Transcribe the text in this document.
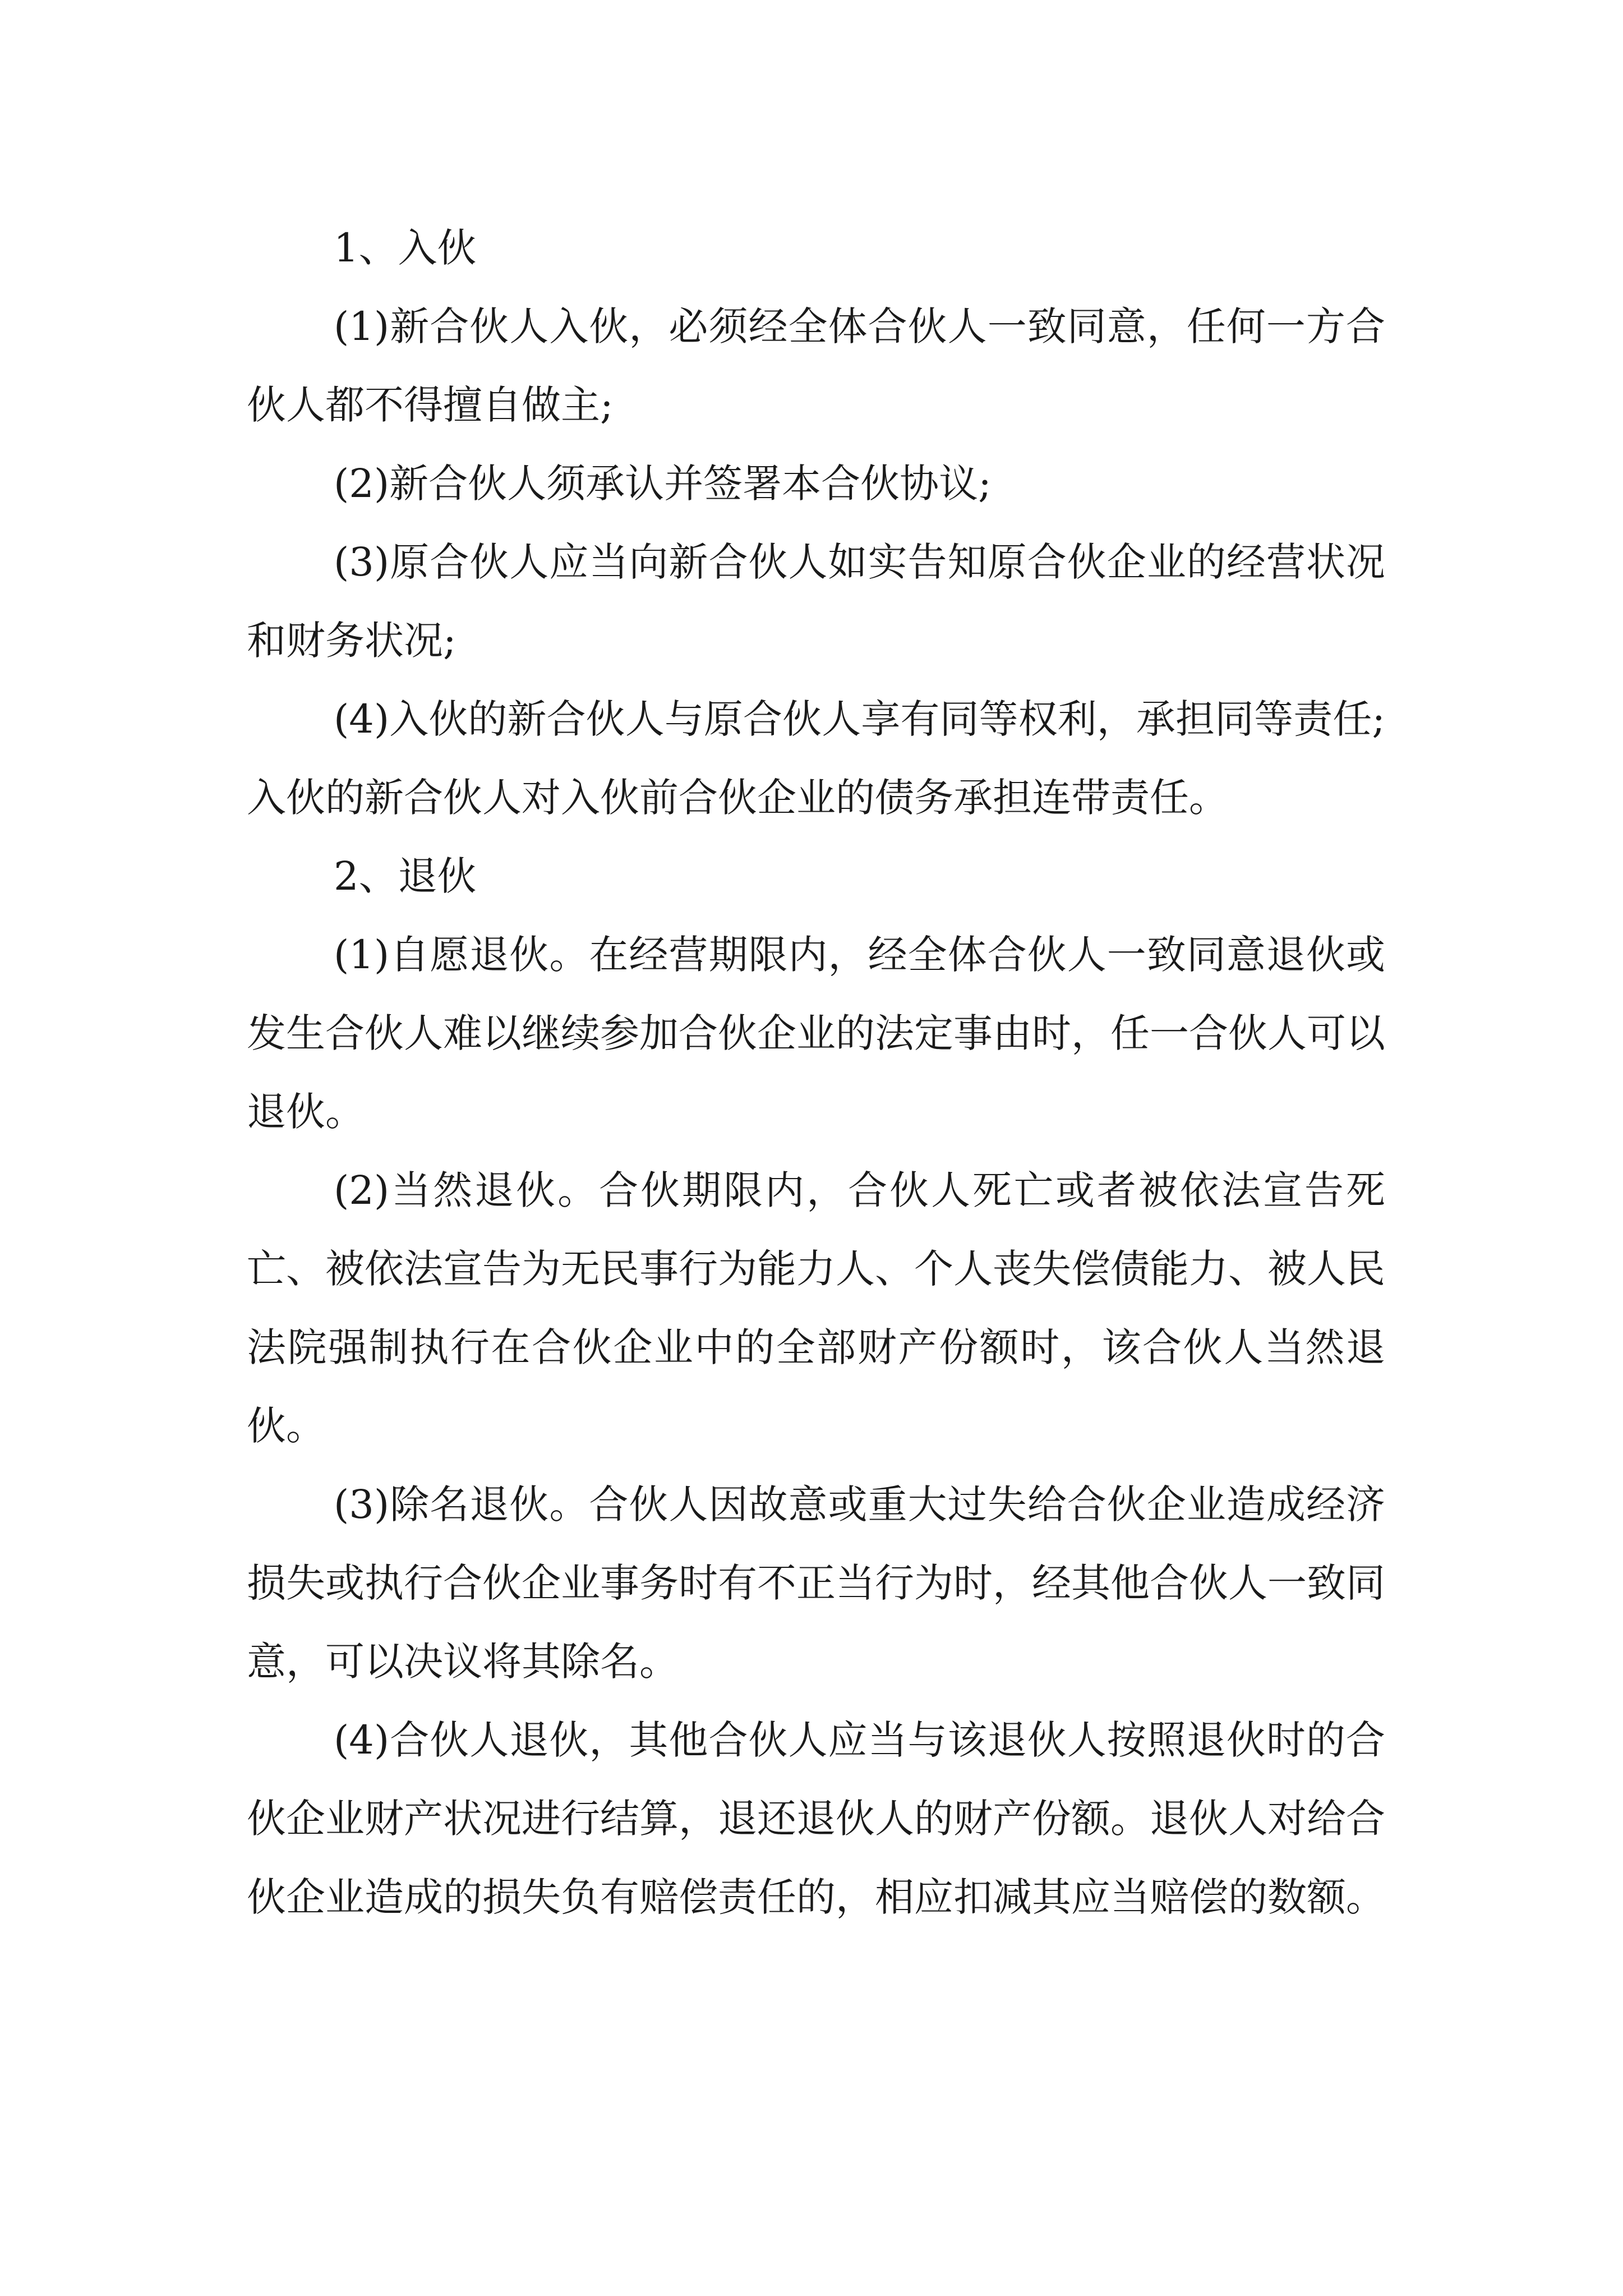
1、入伙

(1)新合伙人入伙，必须经全体合伙人一致同意，任何一方合伙人都不得擅自做主;

(2)新合伙人须承认并签署本合伙协议;

(3)原合伙人应当向新合伙人如实告知原合伙企业的经营状况和财务状况;

(4)入伙的新合伙人与原合伙人享有同等权利，承担同等责任;入伙的新合伙人对入伙前合伙企业的债务承担连带责任。

2、退伙

(1)自愿退伙。在经营期限内，经全体合伙人一致同意退伙或发生合伙人难以继续参加合伙企业的法定事由时，任一合伙人可以退伙。

(2)当然退伙。合伙期限内，合伙人死亡或者被依法宣告死亡、被依法宣告为无民事行为能力人、个人丧失偿债能力、被人民法院强制执行在合伙企业中的全部财产份额时，该合伙人当然退伙。

(3)除名退伙。合伙人因故意或重大过失给合伙企业造成经济损失或执行合伙企业事务时有不正当行为时，经其他合伙人一致同意，可以决议将其除名。

(4)合伙人退伙，其他合伙人应当与该退伙人按照退伙时的合伙企业财产状况进行结算，退还退伙人的财产份额。退伙人对给合伙企业造成的损失负有赔偿责任的，相应扣减其应当赔偿的数额。
